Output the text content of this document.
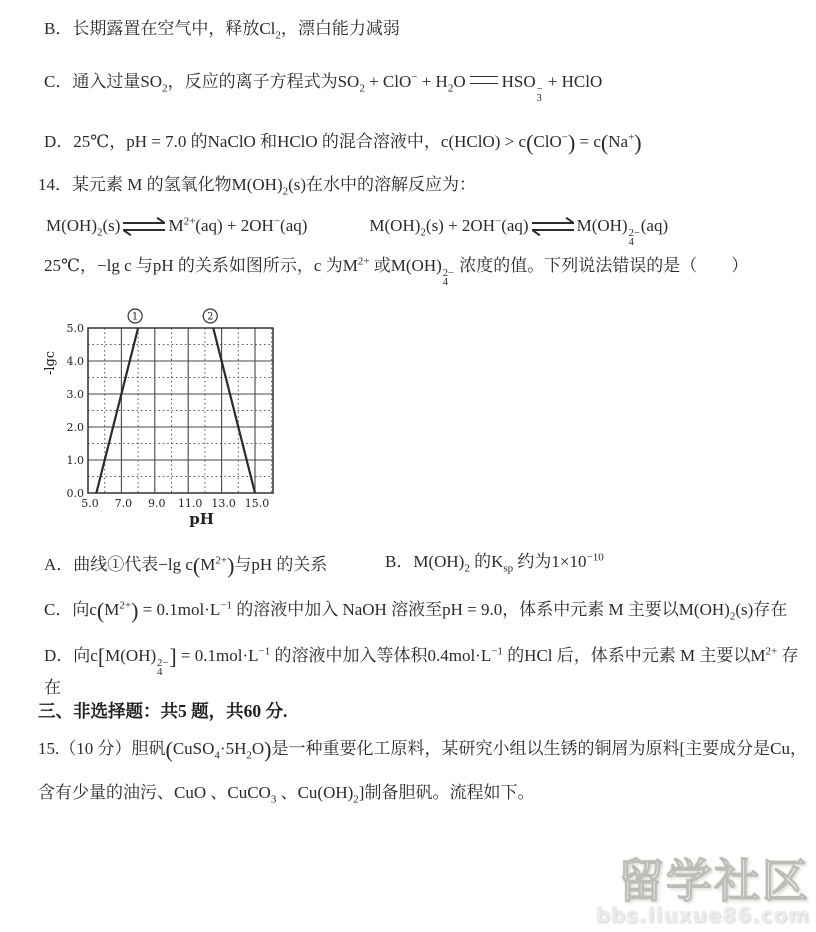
B．长期露置在空气中，释放$Cl_2$，漂白能力减弱
C．通入过量$SO_2$，反应的离子方程式为$SO_2 + ClO^- + H_2O$ HSO −
3
+ HClO
D．25℃，pH = 7.0 的NaClO 和HClO 的混合溶液中，c(HClO) > c(ClO−) = c(Na+)
14．某元素 M 的氢氧化物$M(OH)_2(s)$在水中的溶解反应为：
$M(OH)_2(s)$	$M^{2+}(aq) + 2OH^-(aq)$	$M(OH)_2(s) + 2OH^-(aq)$	M(OH) 2−
4
(aq)
25℃，−lg c 与pH 的关系如图所示，c 为$M^{2+}$ 或M(OH) 2−
4
浓度的值。下列说法错误的是（　　）
1	2
5.0 7.0 9.0 11.0 13.0 15.0
0.0
1.0
2.0
3.0
4.0
5.0
pH
-lgc
A．曲线①代表−lg $c(M^{2+})$与pH 的关系	B．$M(OH)_2$ 的$K_{sp}$ 约为$1\times 10^{-10}$
C．向$c(M^{2+}) = 0.1mol\cdot L^{-1}$ 的溶液中加入 NaOH 溶液至pH = 9.0，体系中元素 M 主要以$M(OH)_2(s)$存在
D．向c[M(OH) 2−
4
] = $0.1mol\cdot L^{-1}$ 的溶液中加入等体积$0.4mol\cdot L^{-1}$ 的HCl 后，体系中元素 M 主要以$M^{2+}$ 存
在
三、非选择题：共5 题，共60 分.
15.（10 分）胆矾$(CuSO_4\cdot 5H_2O)$是一种重要化工原料，某研究小组以生锈的铜屑为原料[主要成分是Cu，
含有少量的油污、CuO 、CuCO$_3$ 、$Cu(OH)_2$]制备胆矾。流程如下。
留学社区
bbs.liuxue86.com
